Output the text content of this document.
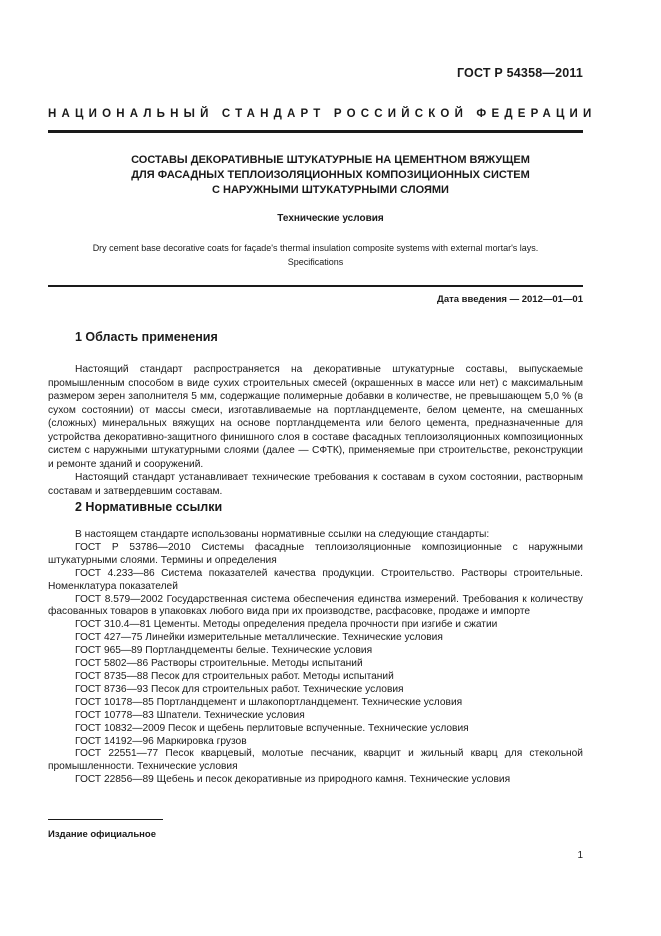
ГОСТ Р 54358—2011
НАЦИОНАЛЬНЫЙ СТАНДАРТ РОССИЙСКОЙ ФЕДЕРАЦИИ
СОСТАВЫ ДЕКОРАТИВНЫЕ ШТУКАТУРНЫЕ НА ЦЕМЕНТНОМ ВЯЖУЩЕМ
ДЛЯ ФАСАДНЫХ ТЕПЛОИЗОЛЯЦИОННЫХ КОМПОЗИЦИОННЫХ СИСТЕМ
С НАРУЖНЫМИ ШТУКАТУРНЫМИ СЛОЯМИ
Технические условия
Dry cement base decorative coats for façade's thermal insulation composite systems with external mortar's lays.
Specifications
Дата введения — 2012—01—01
1 Область применения

Настоящий стандарт распространяется на декоративные штукатурные составы, выпускаемые промышленным способом в виде сухих строительных смесей (окрашенных в массе или нет) с максимальным размером зерен заполнителя 5 мм, содержащие полимерные добавки в количестве, не превышающем 5,0 % (в сухом состоянии) от массы смеси, изготавливаемые на портландцементе, белом цементе, на смешанных (сложных) минеральных вяжущих на основе портландцемента или белого цемента, предназначенные для устройства декоративно-защитного финишного слоя в составе фасадных теплоизоляционных композиционных систем с наружными штукатурными слоями (далее — СФТК), применяемые при строительстве, реконструкции и ремонте зданий и сооружений.

Настоящий стандарт устанавливает технические требования к составам в сухом состоянии, растворным составам и затвердевшим составам.

2 Нормативные ссылки

В настоящем стандарте использованы нормативные ссылки на следующие стандарты:

ГОСТ Р 53786—2010 Системы фасадные теплоизоляционные композиционные с наружными штукатурными слоями. Термины и определения
ГОСТ 4.233—86 Система показателей качества продукции. Строительство. Растворы строительные. Номенклатура показателей
ГОСТ 8.579—2002 Государственная система обеспечения единства измерений. Требования к количеству фасованных товаров в упаковках любого вида при их производстве, расфасовке, продаже и импорте
ГОСТ 310.4—81 Цементы. Методы определения предела прочности при изгибе и сжатии
ГОСТ 427—75 Линейки измерительные металлические. Технические условия
ГОСТ 965—89 Портландцементы белые. Технические условия
ГОСТ 5802—86 Растворы строительные. Методы испытаний
ГОСТ 8735—88 Песок для строительных работ. Методы испытаний
ГОСТ 8736—93 Песок для строительных работ. Технические условия
ГОСТ 10178—85 Портландцемент и шлакопортландцемент. Технические условия
ГОСТ 10778—83 Шпатели. Технические условия
ГОСТ 10832—2009 Песок и щебень перлитовые вспученные. Технические условия
ГОСТ 14192—96 Маркировка грузов
ГОСТ 22551—77 Песок кварцевый, молотые песчаник, кварцит и жильный кварц для стекольной промышленности. Технические условия
ГОСТ 22856—89 Щебень и песок декоративные из природного камня. Технические условия
Издание официальное
1
